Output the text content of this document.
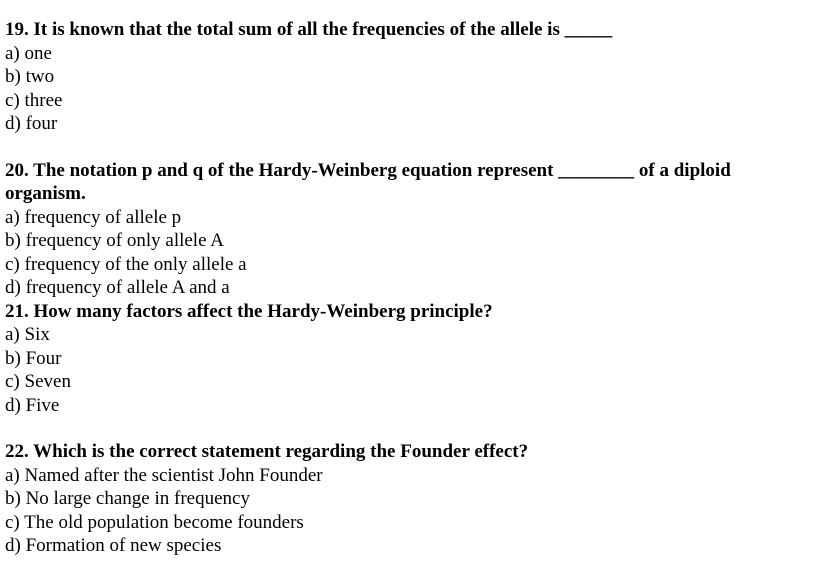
19. It is known that the total sum of all the frequencies of the allele is _____
a) one
b) two
c) three
d) four
20. The notation p and q of the Hardy-Weinberg equation represent ________ of a diploid
organism.
a) frequency of allele p
b) frequency of only allele A
c) frequency of the only allele a
d) frequency of allele A and a
21. How many factors affect the Hardy-Weinberg principle?
a) Six
b) Four
c) Seven
d) Five
22. Which is the correct statement regarding the Founder effect?
a) Named after the scientist John Founder
b) No large change in frequency
c) The old population become founders
d) Formation of new species
